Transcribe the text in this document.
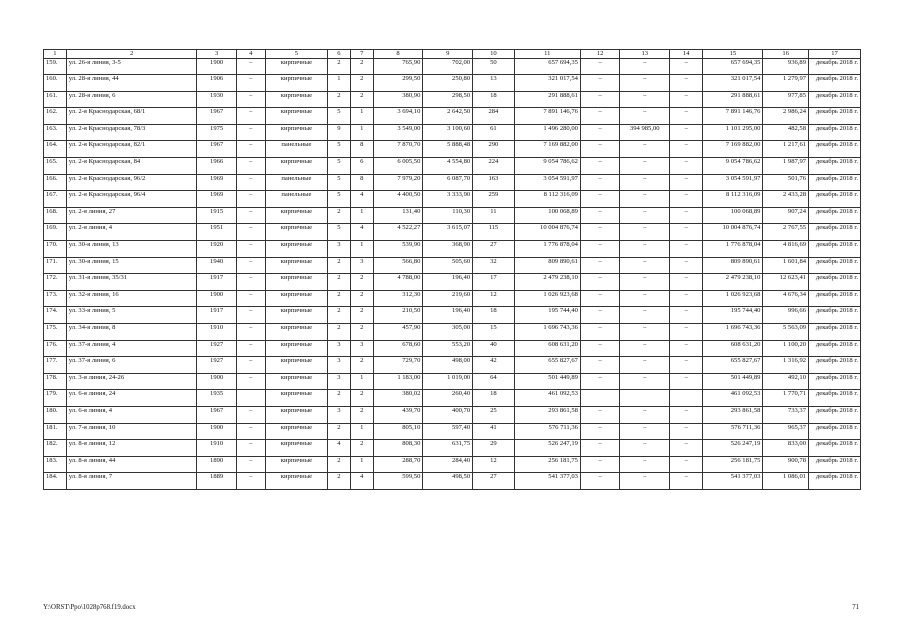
1	2	3	4	5	6	7	8	9	10	11	12	13	14	15	16	17
159.	ул. 26-я линия, 3-5	1900	–	кирпичные	2	2	765,90	702,00	50	657 694,35	–	–	–	657 694,35	936,89	декабрь 2018 г.
160.	ул. 28-я линия, 44	1906	–	кирпичные	1	2	299,50	250,80	13	321 017,54	–	–	–	321 017,54	1 279,97	декабрь 2018 г.
161.	ул. 28-я линия, 6	1930	–	кирпичные	2	2	380,90	298,50	18	291 888,61	–	–	–	291 888,61	977,85	декабрь 2018 г.
162.	ул. 2-я Краснодарская, 68/1	1967	–	кирпичные	5	1	3 694,10	2 642,50	284	7 891 146,76	–	–	–	7 891 146,76	2 986,24	декабрь 2018 г.
163.	ул. 2-я Краснодарская, 78/3	1975	–	кирпичные	9	1	3 549,00	3 100,60	61	1 496 280,00	–	394 985,00	–	1 101 295,00	482,58	декабрь 2018 г.
164.	ул. 2-я Краснодарская, 82/1	1967	–	панельные	5	8	7 870,70	5 888,48	290	7 169 882,00	–	–	–	7 169 882,00	1 217,61	декабрь 2018 г.
165.	ул. 2-я Краснодарская, 84	1966	–	кирпичные	5	6	6 005,50	4 554,80	224	9 054 786,62	–	–	–	9 054 786,62	1 987,97	декабрь 2018 г.
166.	ул. 2-я Краснодарская, 96/2	1969	–	панельные	5	8	7 979,20	6 087,70	163	3 054 591,97	–	–	–	3 054 591,97	501,76	декабрь 2018 г.
167.	ул. 2-я Краснодарская, 96/4	1969	–	панельные	5	4	4 400,50	3 333,90	259	8 112 316,09	–	–	–	8 112 316,09	2 433,28	декабрь 2018 г.
168.	ул. 2-я линия, 27	1915	–	кирпичные	2	1	131,40	110,30	11	100 068,89	–	–	–	100 068,89	907,24	декабрь 2018 г.
169.	ул. 2-я линия, 4	1951	–	кирпичные	5	4	4 522,27	3 615,07	115	10 004 876,74	–	–	–	10 004 876,74	2 767,55	декабрь 2018 г.
170.	ул. 30-я линия, 13	1920	–	кирпичные	3	1	539,90	368,90	27	1 776 878,04	–	–	–	1 776 878,04	4 816,69	декабрь 2018 г.
171.	ул. 30-я линия, 15	1940	–	кирпичные	2	3	566,80	505,60	32	809 890,61	–	–	–	809 890,61	1 601,84	декабрь 2018 г.
172.	ул. 31-я линия, 35/31	1917	–	кирпичные	2	2	4 788,00	196,40	17	2 479 238,10	–	–	–	2 479 238,10	12 623,41	декабрь 2018 г.
173.	ул. 32-я линия, 16	1900	–	кирпичные	2	2	312,30	219,60	12	1 026 923,68	–	–	–	1 026 923,68	4 676,34	декабрь 2018 г.
174.	ул. 33-я линия, 5	1917	–	кирпичные	2	2	210,50	196,40	18	195 744,40	–	–	–	195 744,40	996,66	декабрь 2018 г.
175.	ул. 34-я линия, 8	1910	–	кирпичные	2	2	457,90	305,00	15	1 696 743,36	–	–	–	1 696 743,36	5 563,09	декабрь 2018 г.
176.	ул. 37-я линия, 4	1927	–	кирпичные	3	3	678,60	553,20	40	608 631,20	–	–	–	608 631,20	1 100,20	декабрь 2018 г.
177.	ул. 37-я линия, 6	1927	–	кирпичные	3	2	729,70	498,00	42	655 827,67	–	–	–	655 827,67	1 316,92	декабрь 2018 г.
178.	ул. 3-я линия, 24-26	1900	–	кирпичные	3	1	1 183,00	1 019,00	64	501 449,89	–	–	–	501 449,89	492,10	декабрь 2018 г.
179.	ул. 6-я линия, 24	1935		кирпичные	2	2	380,02	260,40	18	461 092,53				461 092,53	1 770,71	декабрь 2018 г.
180.	ул. 6-я линия, 4	1967	–	кирпичные	3	2	439,70	400,70	25	293 861,58	–	–	–	293 861,58	733,37	декабрь 2018 г.
181.	ул. 7-я линия, 10	1900	–	кирпичные	2	1	805,10	597,40	41	576 711,36	–	–	–	576 711,36	965,37	декабрь 2018 г.
182.	ул. 8-я линия, 12	1910	–	кирпичные	4	2	808,30	631,75	29	526 247,19	–	–	–	526 247,19	833,00	декабрь 2018 г.
183.	ул. 8-я линия, 44	1890	–	кирпичные	2	1	288,70	284,40	12	256 181,75	–	–	–	256 181,75	900,78	декабрь 2018 г.
184.	ул. 8-я линия, 7	1889	–	кирпичные	2	4	599,50	498,50	27	541 377,03	–	–	–	541 377,03	1 086,01	декабрь 2018 г.
Y:\ORST\Ppo\1028p768.f19.docx	71
